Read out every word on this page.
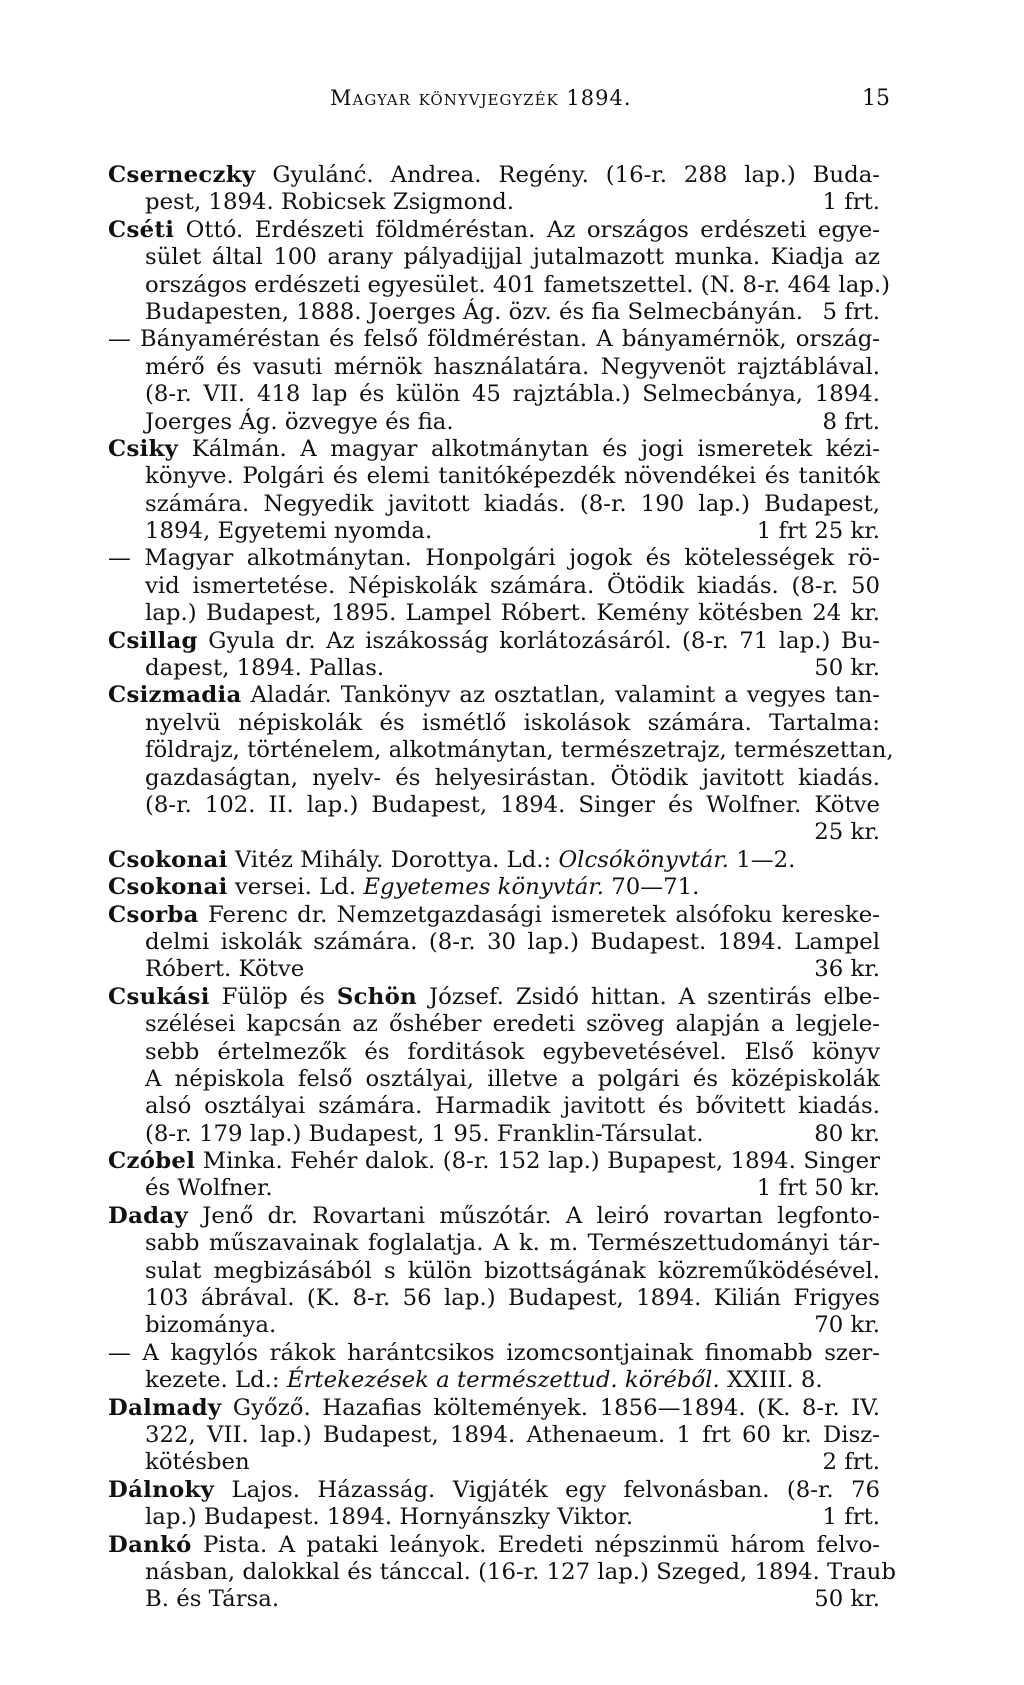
Magyar könyvjegyzék 1894.	15
Cserneczky Gyulánć. Andrea. Regény. (16-r. 288 lap.) Buda-
pest, 1894. Robicsek Zsigmond.	1 frt.
Cséti Ottó. Erdészeti földméréstan. Az országos erdészeti egye-
sület által 100 arany pályadijjal jutalmazott munka. Kiadja az
országos erdészeti egyesület. 401 fametszettel. (N. 8-r. 464 lap.)
Budapesten, 1888. Joerges Ág. özv. és fia Selmecbányán. 5 frt.
— Bányaméréstan és felső földméréstan. A bányamérnök, ország-
mérő és vasuti mérnök használatára. Negyvenöt rajztáblával.
(8-r. VII. 418 lap és külön 45 rajztábla.) Selmecbánya, 1894.
Joerges Ág. özvegye és fia.	8 frt.
Csiky Kálmán. A magyar alkotmánytan és jogi ismeretek kézi-
könyve. Polgári és elemi tanitóképezdék növendékei és tanitók
számára. Negyedik javitott kiadás. (8-r. 190 lap.) Budapest,
1894, Egyetemi nyomda.	1 frt 25 kr.
— Magyar alkotmánytan. Honpolgári jogok és kötelességek rö-
vid ismertetése. Népiskolák számára. Ötödik kiadás. (8-r. 50
lap.) Budapest, 1895. Lampel Róbert. Kemény kötésben 24 kr.
Csillag Gyula dr. Az iszákosság korlátozásáról. (8-r. 71 lap.) Bu-
dapest, 1894. Pallas.	50 kr.
Csizmadia Aladár. Tankönyv az osztatlan, valamint a vegyes tan-
nyelvü népiskolák és ismétlő iskolások számára. Tartalma:
földrajz, történelem, alkotmánytan, természetrajz, természettan,
gazdaságtan, nyelv- és helyesirástan. Ötödik javitott kiadás.
(8-r. 102. II. lap.) Budapest, 1894. Singer és Wolfner. Kötve
25 kr.
Csokonai Vitéz Mihály. Dorottya. Ld.: Olcsókönyvtár. 1—2.
Csokonai versei. Ld. Egyetemes könyvtár. 70—71.
Csorba Ferenc dr. Nemzetgazdasági ismeretek alsófoku kereske-
delmi iskolák számára. (8-r. 30 lap.) Budapest. 1894. Lampel
Róbert. Kötve	36 kr.
Csukási Fülöp és Schön József. Zsidó hittan. A szentirás elbe-
szélései kapcsán az őshéber eredeti szöveg alapján a legjele-
sebb értelmezők és forditások egybevetésével. Első könyv
A népiskola felső osztályai, illetve a polgári és középiskolák
alsó osztályai számára. Harmadik javitott és bővitett kiadás.
(8-r. 179 lap.) Budapest, 1 95. Franklin-Társulat.	80 kr.
Czóbel Minka. Fehér dalok. (8-r. 152 lap.) Bupapest, 1894. Singer
és Wolfner.	1 frt 50 kr.
Daday Jenő dr. Rovartani műszótár. A leiró rovartan legfonto-
sabb műszavainak foglalatja. A k. m. Természettudományi tár-
sulat megbizásából s külön bizottságának közreműködésével.
103 ábrával. (K. 8-r. 56 lap.) Budapest, 1894. Kilián Frigyes
bizománya.	70 kr.
— A kagylós rákok harántcsikos izomcsontjainak finomabb szer-
kezete. Ld.: Értekezések a természettud. köréből. XXIII. 8.
Dalmady Győző. Hazafias költemények. 1856—1894. (K. 8-r. IV.
322, VII. lap.) Budapest, 1894. Athenaeum. 1 frt 60 kr. Disz-
kötésben	2 frt.
Dálnoky Lajos. Házasság. Vigjáték egy felvonásban. (8-r. 76
lap.) Budapest. 1894. Hornyánszky Viktor.	1 frt.
Dankó Pista. A pataki leányok. Eredeti népszinmü három felvo-
násban, dalokkal és tánccal. (16-r. 127 lap.) Szeged, 1894. Traub
B. és Társa.	50 kr.
